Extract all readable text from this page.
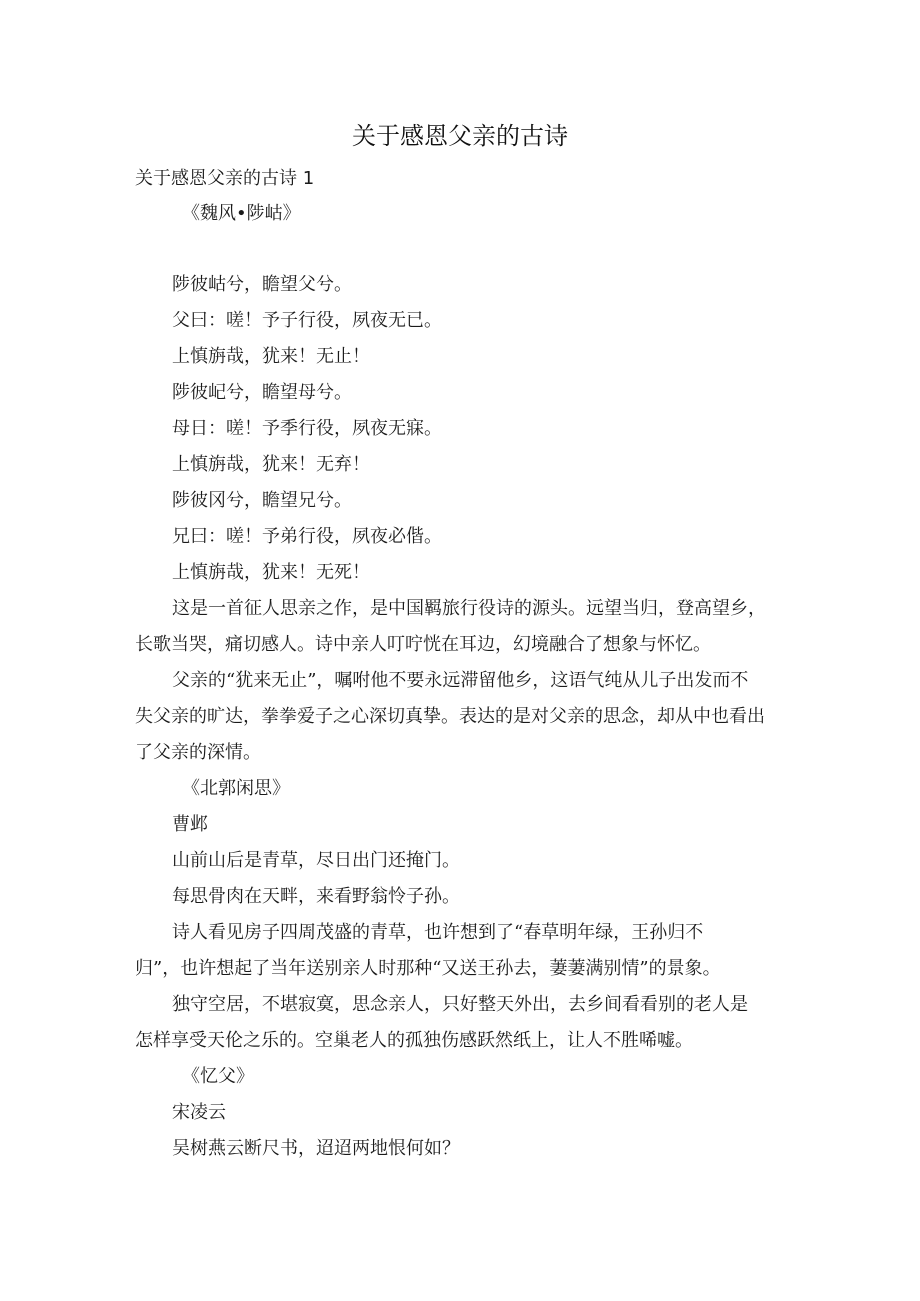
关于感恩父亲的古诗
关于感恩父亲的古诗 1
《魏风•陟岵》
陟彼岵兮，瞻望父兮。
父曰：嗟！予子行役，夙夜无已。
上慎旃哉，犹来！无止！
陟彼屺兮，瞻望母兮。
母日：嗟！予季行役，夙夜无寐。
上慎旃哉，犹来！无弃！
陟彼冈兮，瞻望兄兮。
兄曰：嗟！予弟行役，夙夜必偕。
上慎旃哉，犹来！无死！
这是一首征人思亲之作，是中国羁旅行役诗的源头。远望当归，登高望乡，
长歌当哭，痛切感人。诗中亲人叮咛恍在耳边，幻境融合了想象与怀忆。
父亲的“犹来无止”，嘱咐他不要永远滞留他乡，这语气纯从儿子出发而不
失父亲的旷达，拳拳爱子之心深切真挚。表达的是对父亲的思念，却从中也看出
了父亲的深情。
《北郭闲思》
曹邺
山前山后是青草，尽日出门还掩门。
每思骨肉在天畔，来看野翁怜子孙。
诗人看见房子四周茂盛的青草，也许想到了“春草明年绿，王孙归不
归”，也许想起了当年送别亲人时那种“又送王孙去，萋萋满别情”的景象。
独守空居，不堪寂寞，思念亲人，只好整天外出，去乡间看看别的老人是
怎样享受天伦之乐的。空巢老人的孤独伤感跃然纸上，让人不胜唏嘘。
《忆父》
宋凌云
吴树燕云断尺书，迢迢两地恨何如？
